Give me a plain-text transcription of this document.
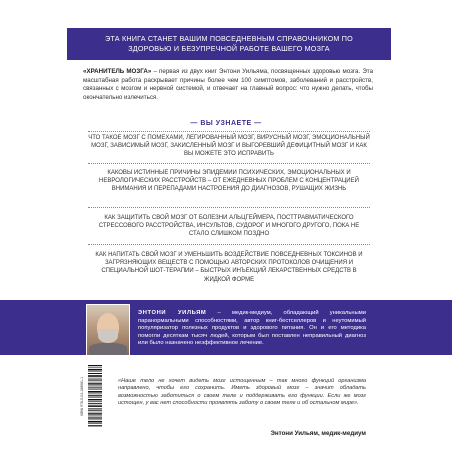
ЭТА КНИГА СТАНЕТ ВАШИМ ПОВСЕДНЕВНЫМ СПРАВОЧНИКОМ ПО
ЗДОРОВЬЮ И БЕЗУПРЕЧНОЙ РАБОТЕ ВАШЕГО МОЗГА
«ХРАНИТЕЛЬ МОЗГА» – первая из двух книг Энтони Уильяма, посвященных здоровью мозга. Эта масштабная работа раскрывает причины более чем 100 симптомов, заболеваний и расстройств, связанных с мозгом и нервной системой, и отвечает на главный вопрос: что нужно делать, чтобы окончательно излечиться.
— ВЫ УЗНАЕТЕ —
ЧТО ТАКОЕ МОЗГ С ПОМЕХАМИ, ЛЕГИРОВАННЫЙ МОЗГ, ВИРУСНЫЙ МОЗГ, ЭМОЦИОНАЛЬНЫЙ МОЗГ, ЗАВИСИМЫЙ МОЗГ, ЗАКИСЛЕННЫЙ МОЗГ И ВЫГОРЕВШИЙ ДЕФИЦИТНЫЙ МОЗГ И КАК ВЫ МОЖЕТЕ ЭТО ИСПРАВИТЬ
КАКОВЫ ИСТИННЫЕ ПРИЧИНЫ ЭПИДЕМИИ ПСИХИЧЕСКИХ, ЭМОЦИОНАЛЬНЫХ И НЕВРОЛОГИЧЕСКИХ РАССТРОЙСТВ – ОТ ЕЖЕДНЕВНЫХ ПРОБЛЕМ С КОНЦЕНТРАЦИЕЙ ВНИМАНИЯ И ПЕРЕПАДАМИ НАСТРОЕНИЯ ДО ДИАГНОЗОВ, РУШАЩИХ ЖИЗНЬ
КАК ЗАЩИТИТЬ СВОЙ МОЗГ ОТ БОЛЕЗНИ АЛЬЦГЕЙМЕРА, ПОСТТРАВМАТИЧЕСКОГО СТРЕССОВОГО РАССТРОЙСТВА, ИНСУЛЬТОВ, СУДОРОГ И МНОГОГО ДРУГОГО, ПОКА НЕ СТАЛО СЛИШКОМ ПОЗДНО
КАК НАПИТАТЬ СВОЙ МОЗГ И УМЕНЬШИТЬ ВОЗДЕЙСТВИЕ ПОВСЕДНЕВНЫХ ТОКСИНОВ И ЗАГРЯЗНЯЮЩИХ ВЕЩЕСТВ С ПОМОЩЬЮ АВТОРСКИХ ПРОТОКОЛОВ ОЧИЩЕНИЯ И СПЕЦИАЛЬНОЙ ШОТ-ТЕРАПИИ – БЫСТРЫХ ИНЪЕКЦИЙ ЛЕКАРСТВЕННЫХ СРЕДСТВ В ЖИДКОЙ ФОРМЕ
ЭНТОНИ УИЛЬЯМ – медик-медиум, обладающий уникальными паранормальными способностями, автор книг-бестселлеров и неутомимый популяризатор полезных продуктов и здорового питания. Он и его методика помогли десяткам тысяч людей, которым был поставлен неправильный диагноз или было назначено неэффективное лечение.
ISBN 978-5-04-188681-1	«Наше тело не хочет видеть мозг истощенным – так много функций организма направлено, чтобы его сохранить. Иметь здоровый мозг – значит обладать возможностью заботиться о своем теле и поддерживать его функции. Если же мозг истощен, у вас нет способности проявлять заботу о своем теле и об остальном мире».
Энтони Уильям, медик-медиум
